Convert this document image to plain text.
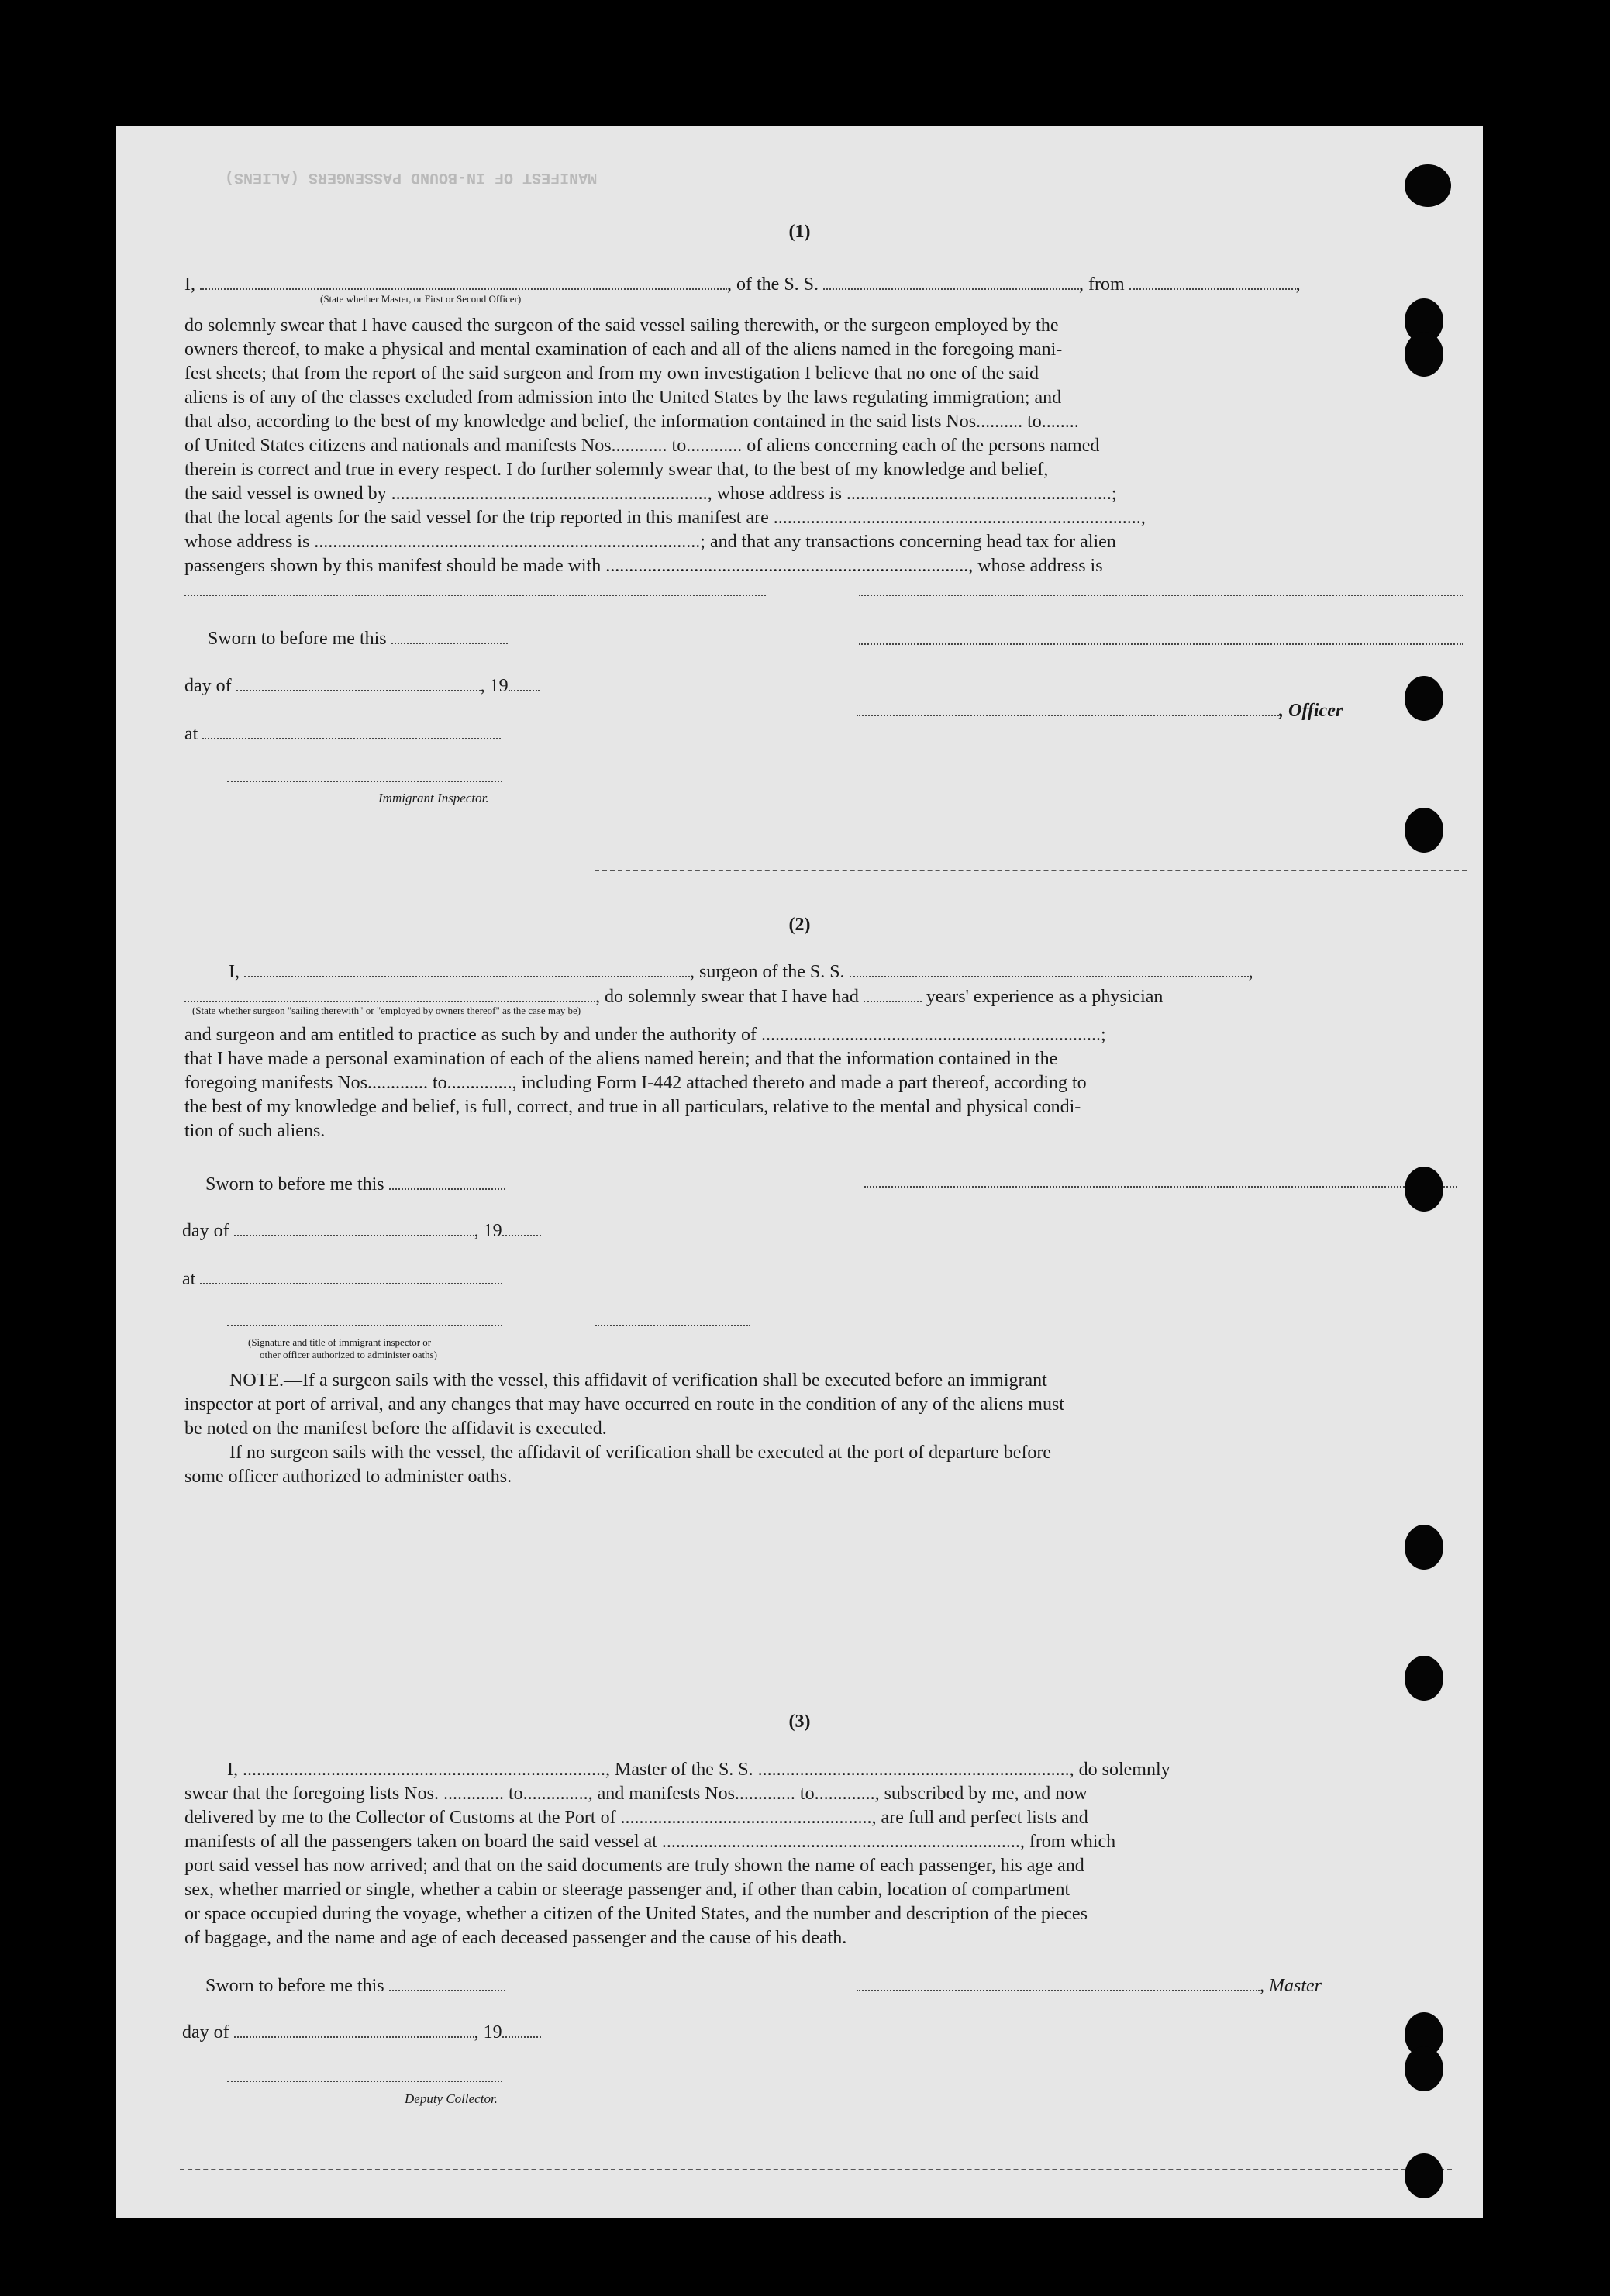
MANIFEST OF IN-BOUND PASSENGERS (ALIENS)
(1)
I,	, of the S. S.	, from	,
(State whether Master, or First or Second Officer)
do solemnly swear that I have caused the surgeon of the said vessel sailing therewith, or the surgeon employed by the
owners thereof, to make a physical and mental examination of each and all of the aliens named in the foregoing mani-
fest sheets; that from the report of the said surgeon and from my own investigation I believe that no one of the said
aliens is of any of the classes excluded from admission into the United States by the laws regulating immigration; and
that also, according to the best of my knowledge and belief, the information contained in the said lists Nos.......... to........
of United States citizens and nationals and manifests Nos............ to............ of aliens concerning each of the persons named
therein is correct and true in every respect. I do further solemnly swear that, to the best of my knowledge and belief,
the said vessel is owned by ...................................................................., whose address is .........................................................;
that the local agents for the said vessel for the trip reported in this manifest are ...............................................................................,
whose address is ...................................................................................; and that any transactions concerning head tax for alien
passengers shown by this manifest should be made with .............................................................................., whose address is
Sworn to before me this
day of	, 19
, Officer
at
Immigrant Inspector.
(2)
I,	, surgeon of the S. S.	,
, do solemnly swear that I have had	years' experience as a physician
(State whether surgeon "sailing therewith" or "employed by owners thereof" as the case may be)
and surgeon and am entitled to practice as such by and under the authority of .........................................................................;
that I have made a personal examination of each of the aliens named herein; and that the information contained in the
foregoing manifests Nos............. to.............., including Form I-442 attached thereto and made a part thereof, according to
the best of my knowledge and belief, is full, correct, and true in all particulars, relative to the mental and physical condi-
tion of such aliens.
Sworn to before me this
day of	, 19
at
(Signature and title of immigrant inspector or
other officer authorized to administer oaths)
NOTE.—If a surgeon sails with the vessel, this affidavit of verification shall be executed before an immigrant
inspector at port of arrival, and any changes that may have occurred en route in the condition of any of the aliens must
be noted on the manifest before the affidavit is executed.
If no surgeon sails with the vessel, the affidavit of verification shall be executed at the port of departure before
some officer authorized to administer oaths.
(3)
I, .............................................................................., Master of the S. S. ..................................................................., do solemnly
swear that the foregoing lists Nos. ............. to.............., and manifests Nos............. to............., subscribed by me, and now
delivered by me to the Collector of Customs at the Port of ......................................................, are full and perfect lists and
manifests of all the passengers taken on board the said vessel at ............................................................................., from which
port said vessel has now arrived; and that on the said documents are truly shown the name of each passenger, his age and
sex, whether married or single, whether a cabin or steerage passenger and, if other than cabin, location of compartment
or space occupied during the voyage, whether a citizen of the United States, and the number and description of the pieces
of baggage, and the name and age of each deceased passenger and the cause of his death.
Sworn to before me this	, Master
day of	, 19
Deputy Collector.
